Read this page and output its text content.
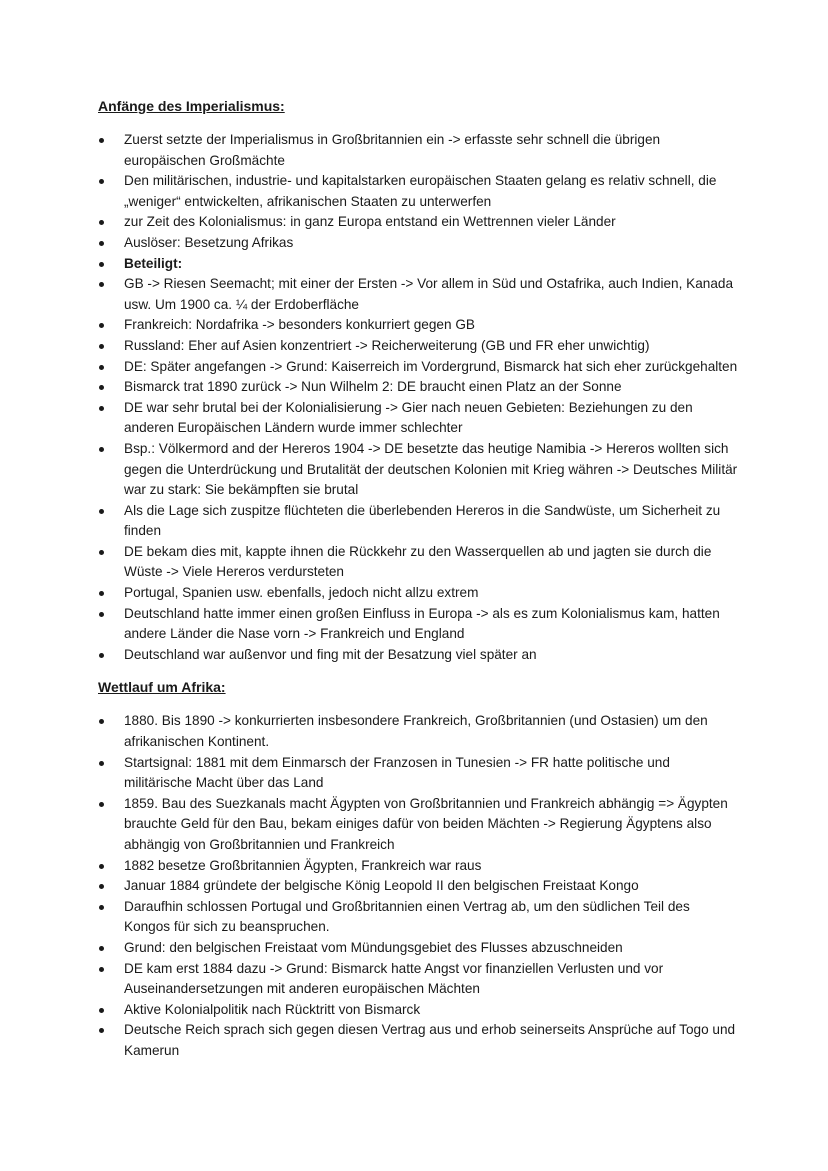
Anfänge des Imperialismus:
Zuerst setzte der Imperialismus in Großbritannien ein -> erfasste sehr schnell die übrigen europäischen Großmächte
Den militärischen, industrie- und kapitalstarken europäischen Staaten gelang es relativ schnell, die „weniger“ entwickelten, afrikanischen Staaten zu unterwerfen
zur Zeit des Kolonialismus: in ganz Europa entstand ein Wettrennen vieler Länder
Auslöser: Besetzung Afrikas
Beteiligt:
GB -> Riesen Seemacht; mit einer der Ersten -> Vor allem in Süd und Ostafrika, auch Indien, Kanada usw. Um 1900 ca. ¼ der Erdoberfläche
Frankreich: Nordafrika -> besonders konkurriert gegen GB
Russland: Eher auf Asien konzentriert -> Reicherweiterung (GB und FR eher unwichtig)
DE: Später angefangen -> Grund: Kaiserreich im Vordergrund, Bismarck hat sich eher zurückgehalten
Bismarck trat 1890 zurück -> Nun Wilhelm 2: DE braucht einen Platz an der Sonne
DE war sehr brutal bei der Kolonialisierung -> Gier nach neuen Gebieten: Beziehungen zu den anderen Europäischen Ländern wurde immer schlechter
Bsp.: Völkermord and der Hereros 1904 -> DE besetzte das heutige Namibia -> Hereros wollten sich gegen die Unterdrückung und Brutalität der deutschen Kolonien mit Krieg währen -> Deutsches Militär war zu stark: Sie bekämpften sie brutal
Als die Lage sich zuspitze flüchteten die überlebenden Hereros in die Sandwüste, um Sicherheit zu finden
DE bekam dies mit, kappte ihnen die Rückkehr zu den Wasserquellen ab und jagten sie durch die Wüste -> Viele Hereros verdursteten
Portugal, Spanien usw. ebenfalls, jedoch nicht allzu extrem
Deutschland hatte immer einen großen Einfluss in Europa -> als es zum Kolonialismus kam, hatten andere Länder die Nase vorn -> Frankreich und England
Deutschland war außenvor und fing mit der Besatzung viel später an
Wettlauf um Afrika:
1880. Bis 1890 -> konkurrierten insbesondere Frankreich, Großbritannien (und Ostasien) um den afrikanischen Kontinent.
Startsignal: 1881 mit dem Einmarsch der Franzosen in Tunesien -> FR hatte politische und militärische Macht über das Land
1859. Bau des Suezkanals macht Ägypten von Großbritannien und Frankreich abhängig => Ägypten brauchte Geld für den Bau, bekam einiges dafür von beiden Mächten -> Regierung Ägyptens also abhängig von Großbritannien und Frankreich
1882 besetze Großbritannien Ägypten, Frankreich war raus
Januar 1884 gründete der belgische König Leopold II den belgischen Freistaat Kongo
Daraufhin schlossen Portugal und Großbritannien einen Vertrag ab, um den südlichen Teil des Kongos für sich zu beanspruchen.
Grund: den belgischen Freistaat vom Mündungsgebiet des Flusses abzuschneiden
DE kam erst 1884 dazu -> Grund: Bismarck hatte Angst vor finanziellen Verlusten und vor Auseinandersetzungen mit anderen europäischen Mächten
Aktive Kolonialpolitik nach Rücktritt von Bismarck
Deutsche Reich sprach sich gegen diesen Vertrag aus und erhob seinerseits Ansprüche auf Togo und Kamerun
